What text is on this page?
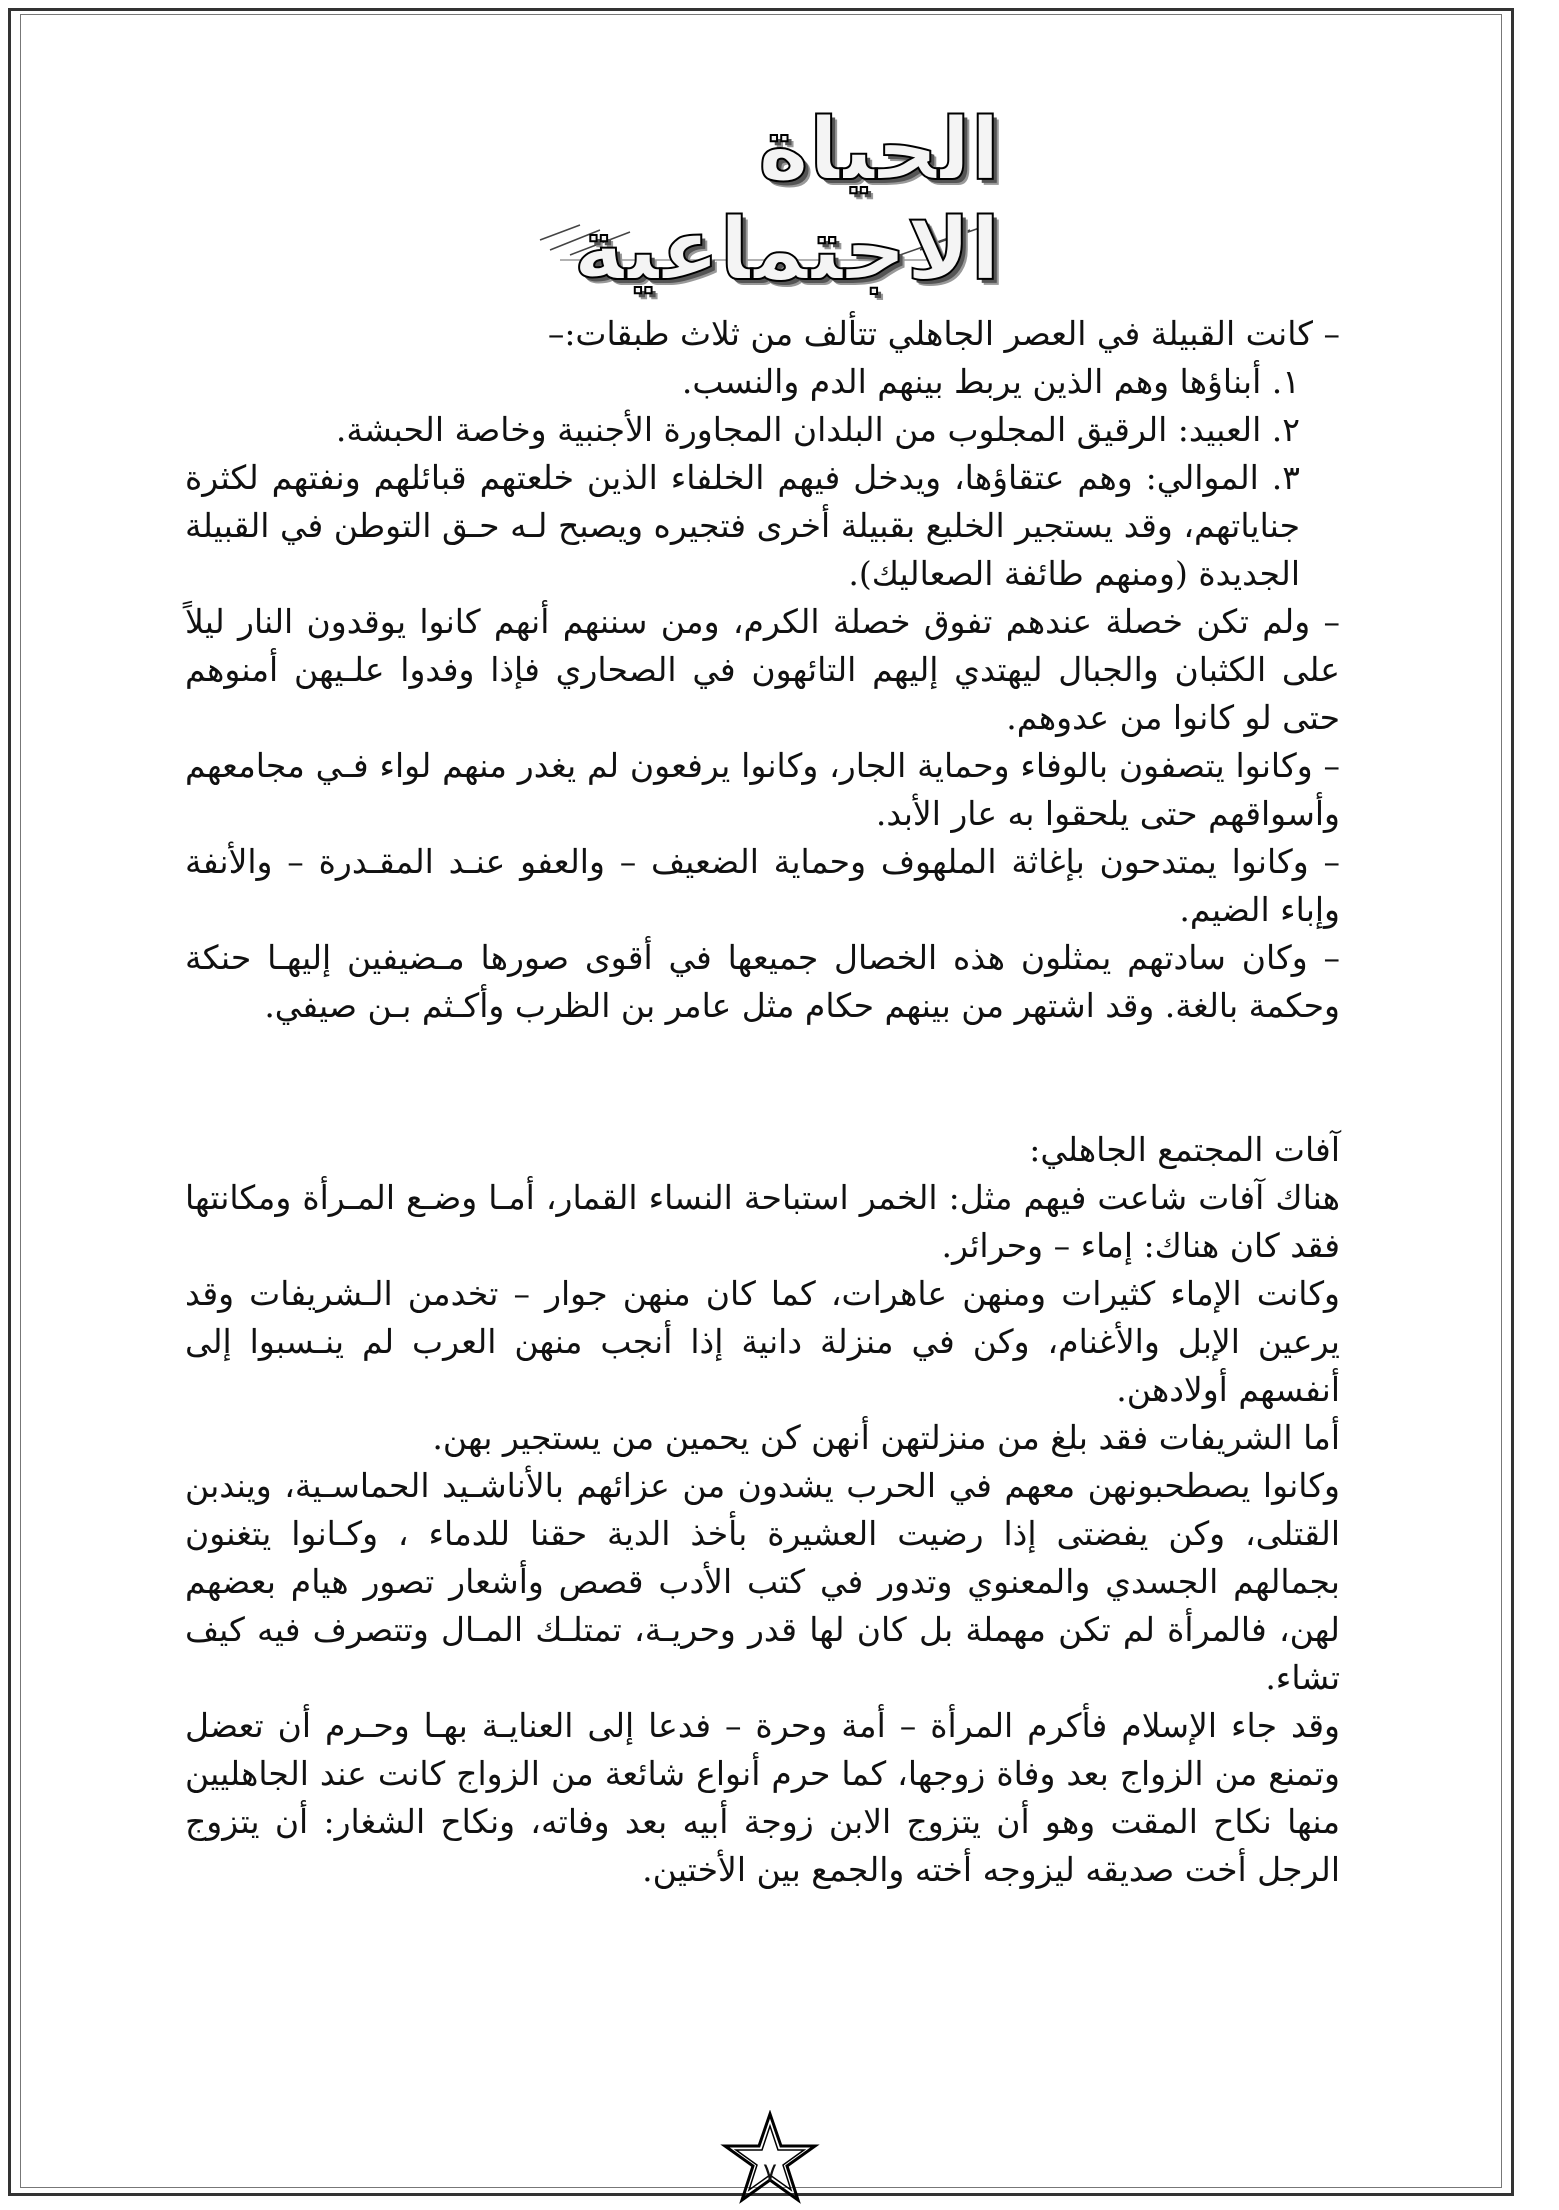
الحياة الاجتماعية

– كانت القبيلة في العصر الجاهلي تتألف من ثلاث طبقات:–

١. أبناؤها وهم الذين يربط بينهم الدم والنسب.

٢. العبيد: الرقيق المجلوب من البلدان المجاورة الأجنبية وخاصة الحبشة.

٣. الموالي: وهم عتقاؤها، ويدخل فيهم الخلفاء الذين خلعتهم قبائلهم ونفتهم لكثرة جناياتهم، وقد يستجير الخليع بقبيلة أخرى فتجيره ويصبح لـه حـق التوطن في القبيلة الجديدة (ومنهم طائفة الصعاليك).

– ولم تكن خصلة عندهم تفوق خصلة الكرم، ومن سننهم أنهم كانوا يوقدون النار ليلاً على الكثبان والجبال ليهتدي إليهم التائهون في الصحاري فإذا وفدوا علـيهن أمنوهم حتى لو كانوا من عدوهم.

– وكانوا يتصفون بالوفاء وحماية الجار، وكانوا يرفعون لم يغدر منهم لواء فـي مجامعهم وأسواقهم حتى يلحقوا به عار الأبد.

– وكانوا يمتدحون بإغاثة الملهوف وحماية الضعيف – والعفو عنـد المقـدرة – والأنفة وإباء الضيم.

– وكان سادتهم يمثلون هذه الخصال جميعها في أقوى صورها مـضيفين إليهـا حنكة وحكمة بالغة. وقد اشتهر من بينهم حكام مثل عامر بن الظرب وأكـثم بـن صيفي.

آفات المجتمع الجاهلي:

هناك آفات شاعت فيهم مثل: الخمر استباحة النساء القمار، أمـا وضـع المـرأة ومكانتها فقد كان هناك: إماء – وحرائر.

وكانت الإماء كثيرات ومنهن عاهرات، كما كان منهن جوار – تخدمن الـشريفات وقد يرعين الإبل والأغنام، وكن في منزلة دانية إذا أنجب منهن العرب لم ينـسبوا إلى أنفسهم أولادهن.

أما الشريفات فقد بلغ من منزلتهن أنهن كن يحمين من يستجير بهن.

وكانوا يصطحبونهن معهم في الحرب يشدون من عزائهم بالأناشـيد الحماسـية، ويندبن القتلى، وكن يفضتى إذا رضيت العشيرة بأخذ الدية حقنا للدماء ، وكـانوا يتغنون بجمالهم الجسدي والمعنوي وتدور في كتب الأدب قصص وأشعار تصور هيام بعضهم لهن، فالمرأة لم تكن مهملة بل كان لها قدر وحريـة، تمتلـك المـال وتتصرف فيه كيف تشاء.

وقد جاء الإسلام فأكرم المرأة – أمة وحرة – فدعا إلى العنايـة بهـا وحـرم أن تعضل وتمنع من الزواج بعد وفاة زوجها، كما حرم أنواع شائعة من الزواج كانت عند الجاهليين منها نكاح المقت وهو أن يتزوج الابن زوجة أبيه بعد وفاته، ونكاح الشغار: أن يتزوج الرجل أخت صديقه ليزوجه أخته والجمع بين الأختين.

٧
